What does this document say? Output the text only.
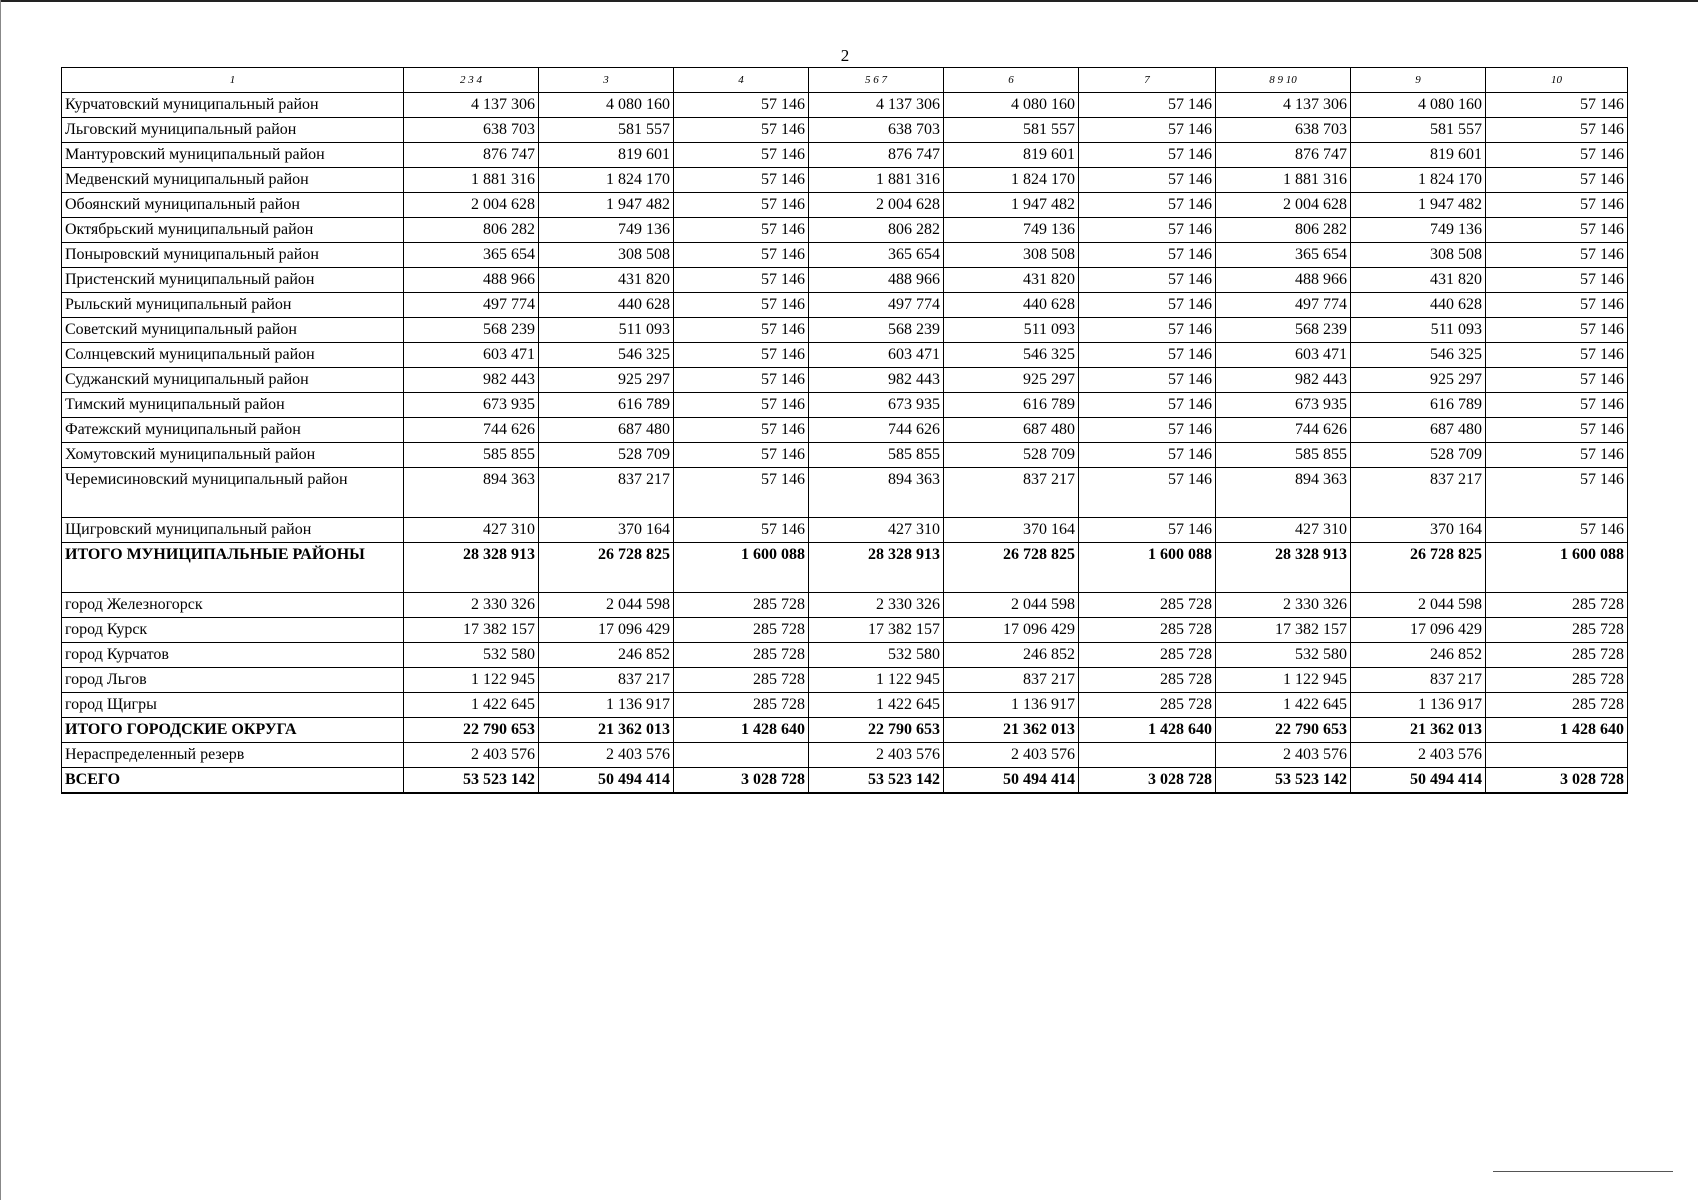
2
1	2 3 4	3	4	5 6 7	6	7	8 9 10	9	10
Курчатовский муниципальный район	4 137 306	4 080 160	57 146	4 137 306	4 080 160	57 146	4 137 306	4 080 160	57 146
Льговский муниципальный район	638 703	581 557	57 146	638 703	581 557	57 146	638 703	581 557	57 146
Мантуровский муниципальный район	876 747	819 601	57 146	876 747	819 601	57 146	876 747	819 601	57 146
Медвенский муниципальный район	1 881 316	1 824 170	57 146	1 881 316	1 824 170	57 146	1 881 316	1 824 170	57 146
Обоянский муниципальный район	2 004 628	1 947 482	57 146	2 004 628	1 947 482	57 146	2 004 628	1 947 482	57 146
Октябрьский муниципальный район	806 282	749 136	57 146	806 282	749 136	57 146	806 282	749 136	57 146
Поныровский муниципальный район	365 654	308 508	57 146	365 654	308 508	57 146	365 654	308 508	57 146
Пристенский муниципальный район	488 966	431 820	57 146	488 966	431 820	57 146	488 966	431 820	57 146
Рыльский муниципальный район	497 774	440 628	57 146	497 774	440 628	57 146	497 774	440 628	57 146
Советский муниципальный район	568 239	511 093	57 146	568 239	511 093	57 146	568 239	511 093	57 146
Солнцевский муниципальный район	603 471	546 325	57 146	603 471	546 325	57 146	603 471	546 325	57 146
Суджанский муниципальный район	982 443	925 297	57 146	982 443	925 297	57 146	982 443	925 297	57 146
Тимский муниципальный район	673 935	616 789	57 146	673 935	616 789	57 146	673 935	616 789	57 146
Фатежский муниципальный район	744 626	687 480	57 146	744 626	687 480	57 146	744 626	687 480	57 146
Хомутовский муниципальный район	585 855	528 709	57 146	585 855	528 709	57 146	585 855	528 709	57 146
Черемисиновский муниципальный район	894 363	837 217	57 146	894 363	837 217	57 146	894 363	837 217	57 146
Щигровский муниципальный район	427 310	370 164	57 146	427 310	370 164	57 146	427 310	370 164	57 146
ИТОГО МУНИЦИПАЛЬНЫЕ РАЙОНЫ	28 328 913	26 728 825	1 600 088	28 328 913	26 728 825	1 600 088	28 328 913	26 728 825	1 600 088
город Железногорск	2 330 326	2 044 598	285 728	2 330 326	2 044 598	285 728	2 330 326	2 044 598	285 728
город Курск	17 382 157	17 096 429	285 728	17 382 157	17 096 429	285 728	17 382 157	17 096 429	285 728
город Курчатов	532 580	246 852	285 728	532 580	246 852	285 728	532 580	246 852	285 728
город Льгов	1 122 945	837 217	285 728	1 122 945	837 217	285 728	1 122 945	837 217	285 728
город Щигры	1 422 645	1 136 917	285 728	1 422 645	1 136 917	285 728	1 422 645	1 136 917	285 728
ИТОГО ГОРОДСКИЕ ОКРУГА	22 790 653	21 362 013	1 428 640	22 790 653	21 362 013	1 428 640	22 790 653	21 362 013	1 428 640
Нераспределенный резерв	2 403 576	2 403 576		2 403 576	2 403 576		2 403 576	2 403 576	
ВСЕГО	53 523 142	50 494 414	3 028 728	53 523 142	50 494 414	3 028 728	53 523 142	50 494 414	3 028 728
